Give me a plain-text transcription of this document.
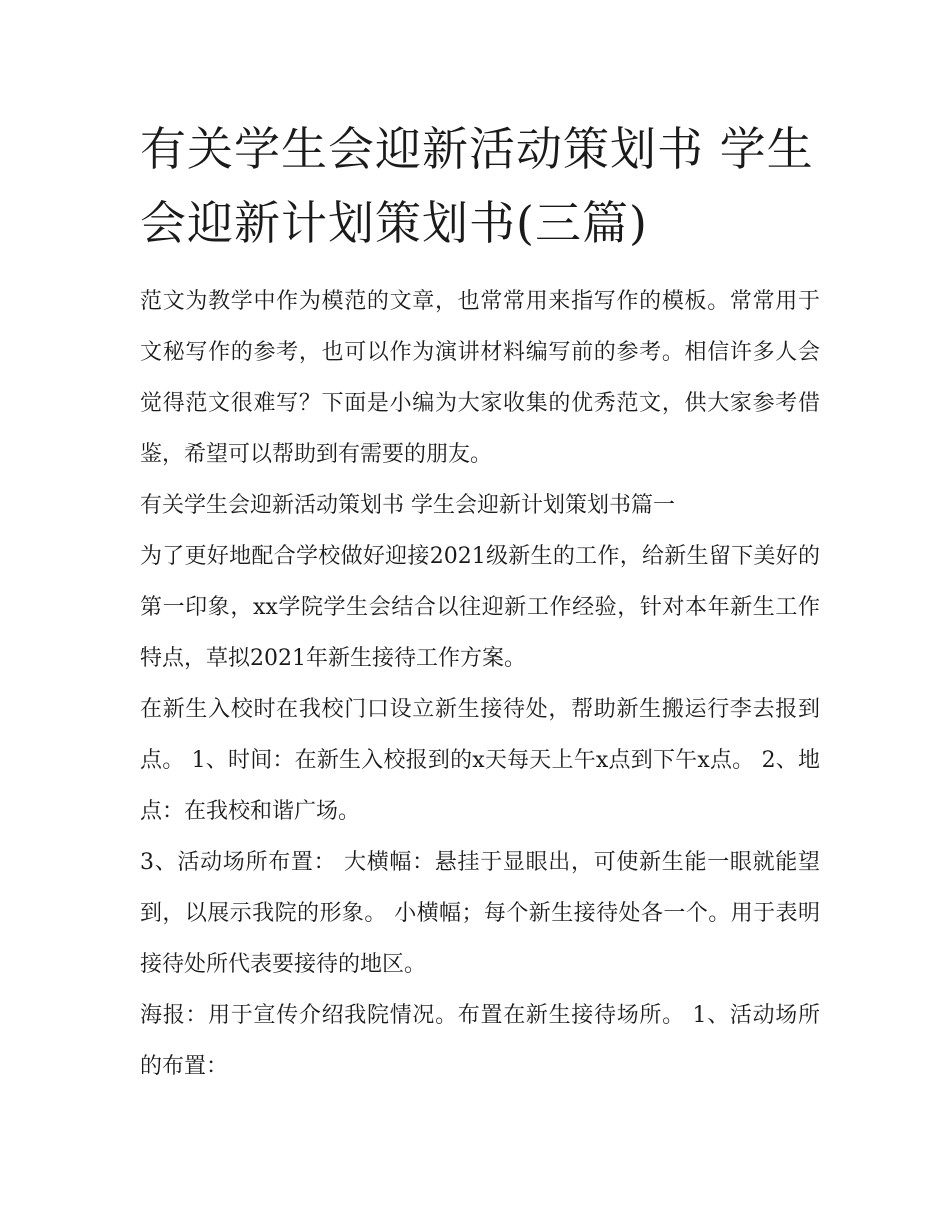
有关学生会迎新活动策划书 学生会迎新计划策划书(三篇)

范文为教学中作为模范的文章，也常常用来指写作的模板。常常用于文秘写作的参考，也可以作为演讲材料编写前的参考。相信许多人会觉得范文很难写？下面是小编为大家收集的优秀范文，供大家参考借鉴，希望可以帮助到有需要的朋友。

有关学生会迎新活动策划书 学生会迎新计划策划书篇一

为了更好地配合学校做好迎接2021级新生的工作，给新生留下美好的第一印象，xx学院学生会结合以往迎新工作经验，针对本年新生工作特点，草拟2021年新生接待工作方案。

在新生入校时在我校门口设立新生接待处，帮助新生搬运行李去报到点。 1、时间：在新生入校报到的x天每天上午x点到下午x点。 2、地点：在我校和谐广场。

3、活动场所布置： 大横幅：悬挂于显眼出，可使新生能一眼就能望到，以展示我院的形象。 小横幅；每个新生接待处各一个。用于表明接待处所代表要接待的地区。

海报：用于宣传介绍我院情况。布置在新生接待场所。 1、活动场所的布置：
